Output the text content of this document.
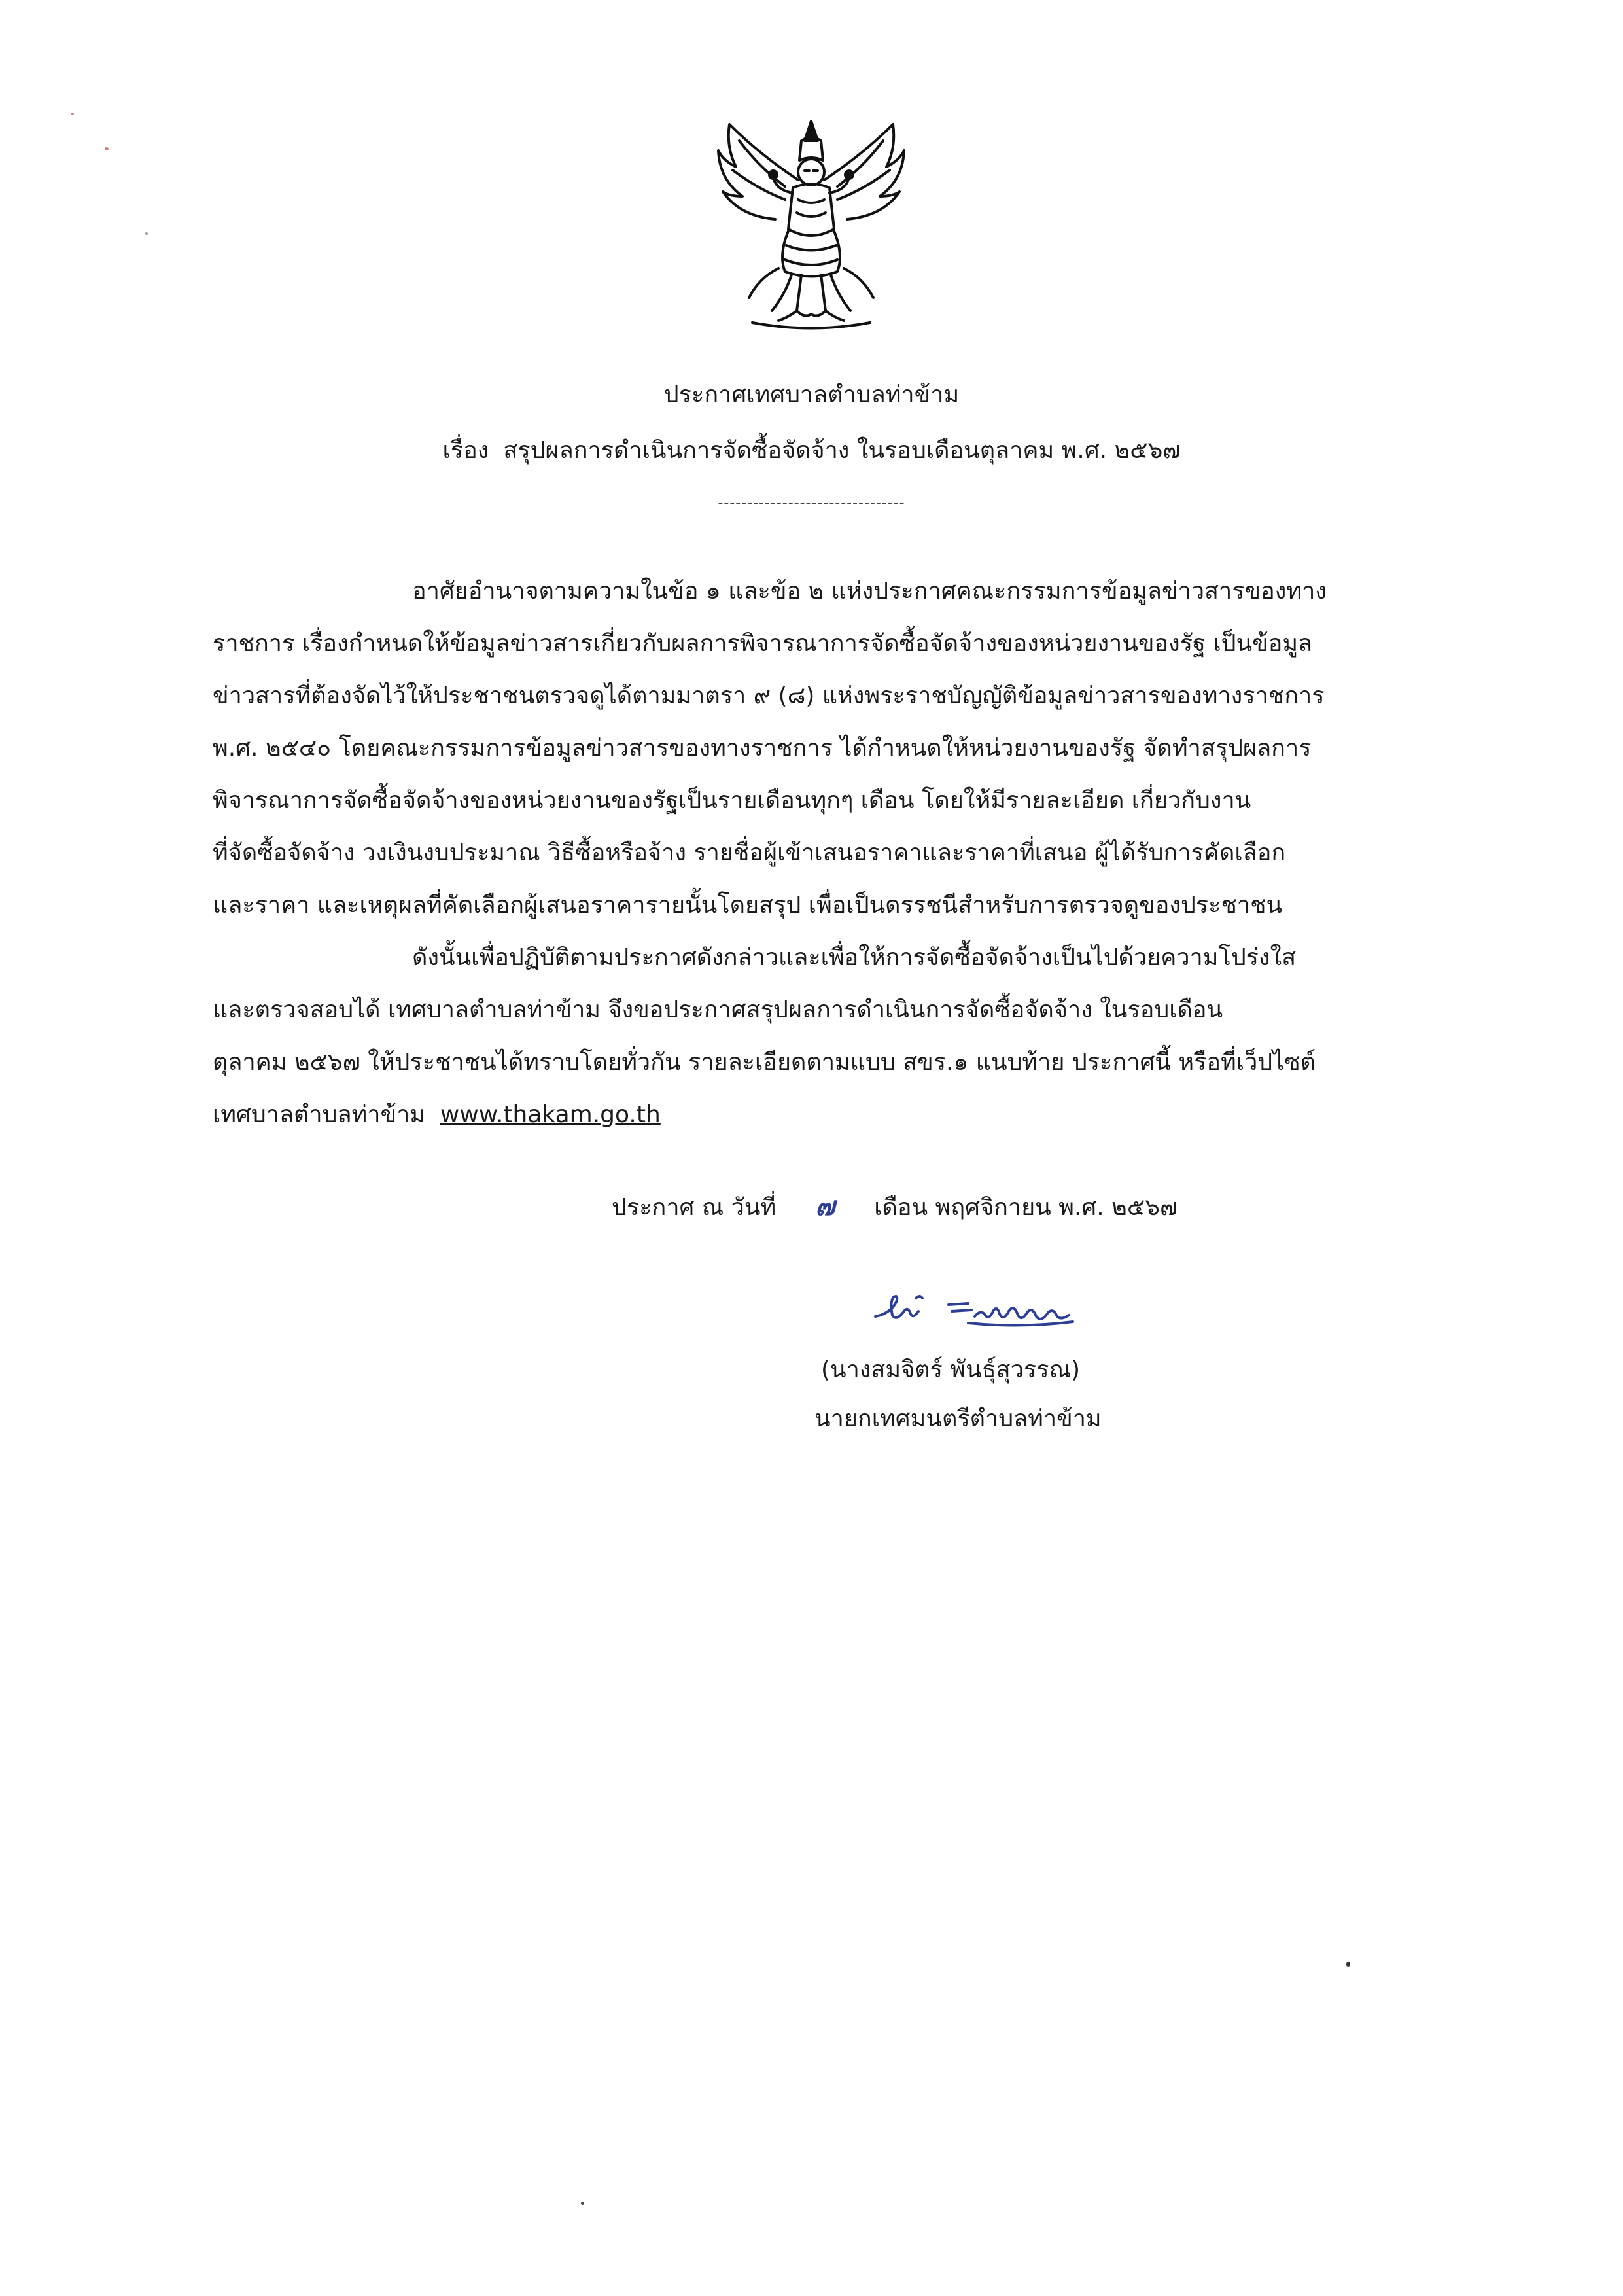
ประกาศเทศบาลตำบลท่าข้าม
เรื่อง สรุปผลการดำเนินการจัดซื้อจัดจ้าง ในรอบเดือนตุลาคม พ.ศ. ๒๕๖๗
--------------------------------
อาศัยอำนาจตามความในข้อ ๑ และข้อ ๒ แห่งประกาศคณะกรรมการข้อมูลข่าวสารของทาง
ราชการ เรื่องกำหนดให้ข้อมูลข่าวสารเกี่ยวกับผลการพิจารณาการจัดซื้อจัดจ้างของหน่วยงานของรัฐ เป็นข้อมูล
ข่าวสารที่ต้องจัดไว้ให้ประชาชนตรวจดูได้ตามมาตรา ๙ (๘) แห่งพระราชบัญญัติข้อมูลข่าวสารของทางราชการ
พ.ศ. ๒๕๔๐ โดยคณะกรรมการข้อมูลข่าวสารของทางราชการ ได้กำหนดให้หน่วยงานของรัฐ จัดทำสรุปผลการ
พิจารณาการจัดซื้อจัดจ้างของหน่วยงานของรัฐเป็นรายเดือนทุกๆ เดือน โดยให้มีรายละเอียด เกี่ยวกับงาน
ที่จัดซื้อจัดจ้าง วงเงินงบประมาณ วิธีซื้อหรือจ้าง รายชื่อผู้เข้าเสนอราคาและราคาที่เสนอ ผู้ได้รับการคัดเลือก
และราคา และเหตุผลที่คัดเลือกผู้เสนอราคารายนั้นโดยสรุป เพื่อเป็นดรรชนีสำหรับการตรวจดูของประชาชน
ดังนั้นเพื่อปฏิบัติตามประกาศดังกล่าวและเพื่อให้การจัดซื้อจัดจ้างเป็นไปด้วยความโปร่งใส
และตรวจสอบได้ เทศบาลตำบลท่าข้าม จึงขอประกาศสรุปผลการดำเนินการจัดซื้อจัดจ้าง ในรอบเดือน
ตุลาคม ๒๕๖๗ ให้ประชาชนได้ทราบโดยทั่วกัน รายละเอียดตามแบบ สขร.๑ แนบท้าย ประกาศนี้ หรือที่เว็ปไซต์
เทศบาลตำบลท่าข้าม www.thakam.go.th
ประกาศ ณ วันที่ ๗ เดือน พฤศจิกายน พ.ศ. ๒๕๖๗
(นางสมจิตร์ พันธุ์สุวรรณ)
นายกเทศมนตรีตำบลท่าข้าม
